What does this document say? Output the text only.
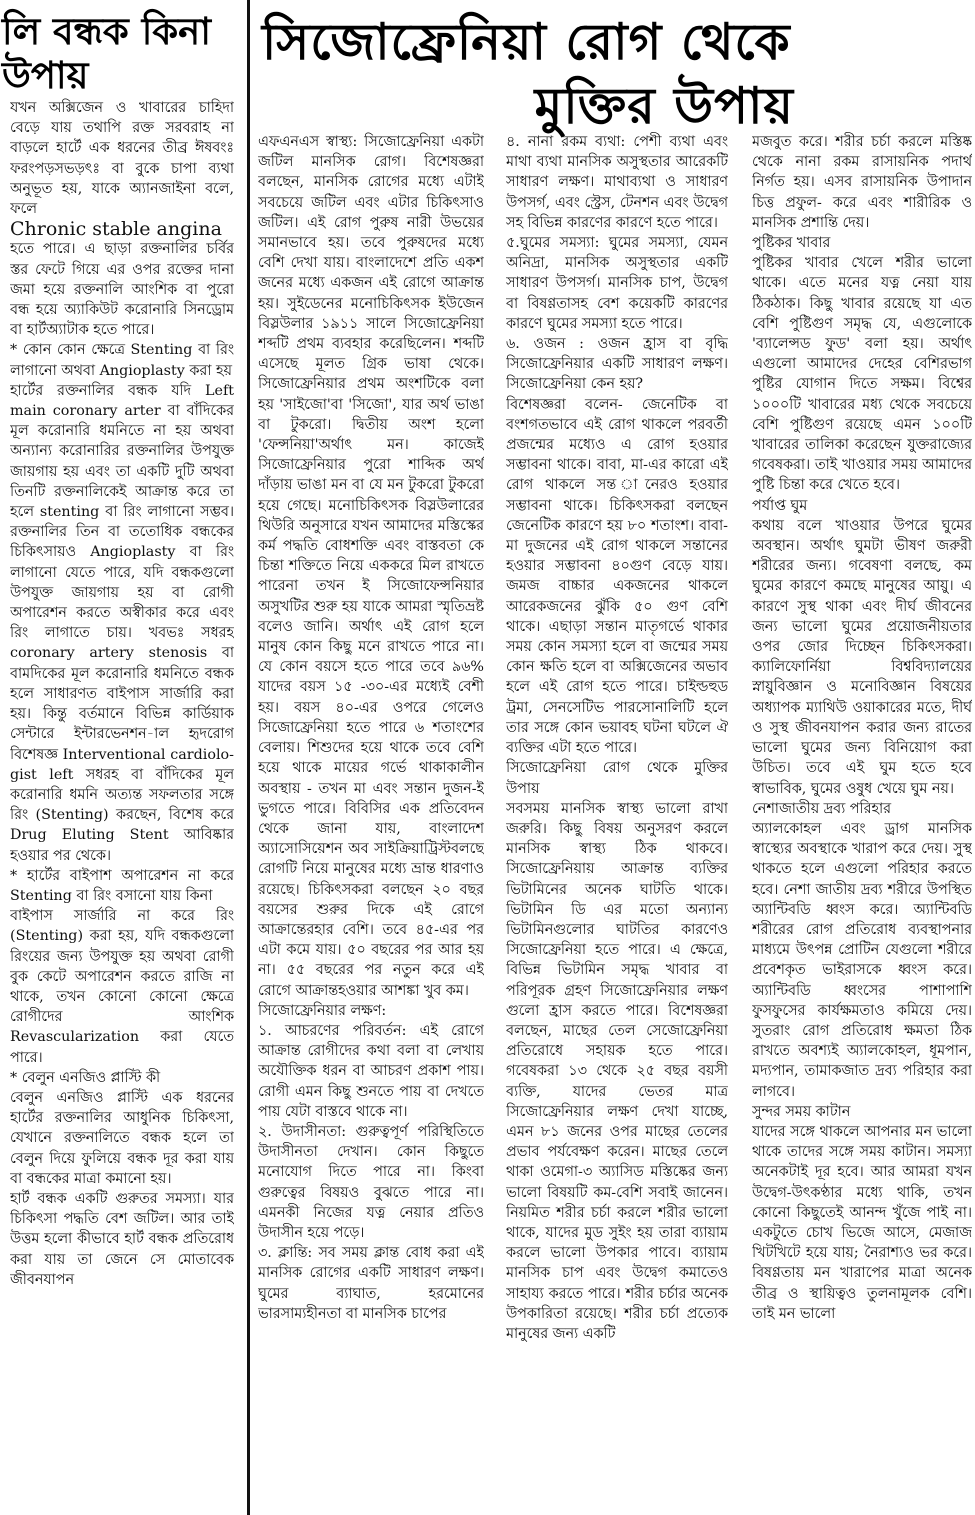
লি বন্ধক কিনা উপায়
সিজোফ্রেনিয়া রোগ থেকে
মুক্তির উপায়

যখন অক্সিজেন ও খাবারের চাহিদা বেড়ে যায় তথাপি রক্ত সরবরাহ না বাড়লে হার্টে এক ধরনের তীব্র ঈষবংঃ ফরংপড়সভড়ৎঃ বা বুকে চাপা ব্যথা অনুভূত হয়, যাকে অ্যানজাইনা বলে, ফলে

Chronic stable angina

হতে পারে। এ ছাড়া রক্তনালির চর্বির স্তর ফেটে গিয়ে এর ওপর রক্তের দানা জমা হয়ে রক্তনালি আংশিক বা পুরো বন্ধ হয়ে অ্যাকিউট করোনারি সিনড্রোম বা হার্টঅ্যাটাক হতে পারে।

* কোন কোন ক্ষেত্রে Stenting বা রিং লাগানো অথবা Angioplasty করা হয়

হার্টের রক্তনালির বন্ধক যদি Left main coronary arter বা বাঁদিকের মূল করোনারি ধমনিতে না হয় অথবা অন্যান্য করোনারির রক্তনালির উপযুক্ত জায়গায় হয় এবং তা একটি দুটি অথবা তিনটি রক্তনালিকেই আক্রান্ত করে তা হলে stenting বা রিং লাগানো সম্ভব। রক্তনালির তিন বা ততোধিক বন্ধকের চিকিৎসায়ও Angioplasty বা রিং লাগানো যেতে পারে, যদি বন্ধকগুলো উপযুক্ত জায়গায় হয় বা রোগী অপারেশন করতে অস্বীকার করে এবং রিং লাগাতে চায়। খবভঃ সধরহ coronary artery stenosis বা বামদিকের মূল করোনারি ধমনিতে বন্ধক হলে সাধারণত বাইপাস সার্জারি করা হয়। কিন্তু বর্তমানে বিভিন্ন কার্ডিয়াক সেন্টারে ইন্টারভেনশন-াল হৃদরোগ বিশেষজ্ঞ Interventional cardiolo-gist left সধরহ বা বাঁদিকের মূল করোনারি ধমনি অত্যন্ত সফলতার সঙ্গে রিং (Stenting) করছেন, বিশেষ করে Drug Eluting Stent আবিষ্কার হওয়ার পর থেকে।

* হার্টের বাইপাশ অপারেশন না করে Stenting বা রিং বসানো যায় কিনা

বাইপাস সার্জারি না করে রিং (Stenting) করা হয়, যদি বন্ধকগুলো রিংয়ের জন্য উপযুক্ত হয় অথবা রোগী বুক কেটে অপারেশন করতে রাজি না থাকে, তখন কোনো কোনো ক্ষেত্রে রোগীদের আংশিক Revascularization করা যেতে পারে।

* বেলুন এনজিও প্লাস্টি কী

বেলুন এনজিও প্লাস্টি এক ধরনের হার্টের রক্তনালির আধুনিক চিকিৎসা, যেখানে রক্তনালিতে বন্ধক হলে তা বেলুন দিয়ে ফুলিয়ে বন্ধক দূর করা যায় বা বন্ধকের মাত্রা কমানো হয়।

হার্ট বন্ধক একটি গুরুতর সমস্যা। যার চিকিৎসা পদ্ধতি বেশ জটিল। আর তাই উত্তম হলো কীভাবে হার্ট বন্ধক প্রতিরোধ করা যায় তা জেনে সে মোতাবেক জীবনযাপন

এফএনএস স্বাস্থ্য: সিজোফ্রেনিয়া একটা জটিল মানসিক রোগ। বিশেষজ্ঞরা বলছেন, মানসিক রোগের মধ্যে এটাই সবচেয়ে জটিল এবং এটার চিকিৎসাও জটিল। এই রোগ পুরুষ নারী উভয়ের সমানভাবে হয়। তবে পুরুষদের মধ্যে বেশি দেখা যায়। বাংলাদেশে প্রতি একশ জনের মধ্যে একজন এই রোগে আক্রান্ত হয়। সুইডেনের মনোচিকিৎসক ইউজেন বিস্লউলার ১৯১১ সালে সিজোফ্রেনিয়া শব্দটি প্রথম ব্যবহার করেছিলেন। শব্দটি এসেছে মূলত গ্রিক ভাষা থেকে। সিজোফ্রেনিয়ার প্রথম অংশটিকে বলা হয় 'সাইজো'বা 'সিজো', যার অর্থ ভাঙা বা টুকরো। দ্বিতীয় অংশ হলো 'ফেন্সনিয়া'অর্থাৎ মন। কাজেই সিজোফ্রেনিয়ার পুরো শাব্দিক অর্থ দাঁড়ায় ভাঙা মন বা যে মন টুকরো টুকরো হয়ে গেছে। মনোচিকিৎসক বিস্লউলারের থিউরি অনুসারে যখন আমাদের মস্তিস্কের কর্ম পদ্ধতি বোধশক্তি এবং বাস্তবতা কে চিন্তা শক্তিতে নিয়ে এককরে মিল রাখতে পারেনা তখন ই সিজোফেন্সনিয়ার অসুখটির শুরু হয় যাকে আমরা স্মৃতিভ্রষ্ট বলেও জানি। অর্থাৎ এই রোগ হলে মানুষ কোন কিছু মনে রাখতে পারে না। যে কোন বয়সে হতে পারে তবে ৯৬% যাদের বয়স ১৫ -৩০-এর মধ্যেই বেশী হয়। বয়স ৪০-এর ওপরে গেলেও সিজোফ্রেনিয়া হতে পারে ৬ শতাংশের বেলায়। শিশুদের হয়ে থাকে তবে বেশি হয়ে থাকে মায়ের গর্ভে থাকাকালীন অবস্থায় - তখন মা এবং সন্তান দুজন-ই ভুগতে পারে। বিবিসির এক প্রতিবেদন থেকে জানা যায়, বাংলাদেশ অ্যাসোসিয়েশন অব সাইক্রিয়াট্রিস্টবলছে রোগটি নিয়ে মানুষের মধ্যে ভ্রান্ত ধারণাও রয়েছে। চিকিৎসকরা বলছেন ২০ বছর বয়সের শুরুর দিকে এই রোগে আক্রান্তেরহার বেশি। তবে ৪৫-এর পর এটা কমে যায়। ৫০ বছরের পর আর হয় না। ৫৫ বছরের পর নতুন করে এই রোগে আক্রান্তহওয়ার আশঙ্কা খুব কম।

সিজোফ্রেনিয়ার লক্ষণ:

১. আচরণের পরিবর্তন: এই রোগে আক্রান্ত রোগীদের কথা বলা বা লেখায় অযৌক্তিক ধরন বা আচরণ প্রকাশ পায়। রোগী এমন কিছু শুনতে পায় বা দেখতে পায় যেটা বাস্তবে থাকে না।

২. উদাসীনতা: গুরুত্বপূর্ণ পরিস্থিতিতে উদাসীনতা দেখান। কোন কিছুতে মনোযোগ দিতে পারে না। কিংবা গুরুত্বের বিষয়ও বুঝতে পারে না। এমনকী নিজের যত্ন নেয়ার প্রতিও উদাসীন হয়ে পড়ে।

৩. ক্লান্তি: সব সময় ক্লান্ত বোধ করা এই মানসিক রোগের একটি সাধারণ লক্ষণ। ঘুমের ব্যাঘাত, হরমোনের ভারসাম্যহীনতা বা মানসিক চাপের

৪. নানা রকম ব্যথা: পেশী ব্যথা এবং মাথা ব্যথা মানসিক অসুস্থতার আরেকটি সাধারণ লক্ষণ। মাথাব্যথা ও সাধারণ উপসর্গ, এবং স্ট্রেস, টেনশন এবং উদ্বেগ সহ বিভিন্ন কারণের কারণে হতে পারে।

৫.ঘুমের সমস্যা: ঘুমের সমস্যা, যেমন অনিদ্রা, মানসিক অসুস্থতার একটি সাধারণ উপসর্গ। মানসিক চাপ, উদ্বেগ বা বিষণ্ণতাসহ বেশ কয়েকটি কারণের কারণে ঘুমের সমস্যা হতে পারে।

৬. ওজন : ওজন হ্রাস বা বৃদ্ধি সিজোফ্রেনিয়ার একটি সাধারণ লক্ষণ। সিজোফ্রেনিয়া কেন হয়?

বিশেষজ্ঞরা বলেন- জেনেটিক বা বংশগতভাবে এই রোগ থাকলে পরবর্তী প্রজন্মের মধ্যেও এ রোগ হওয়ার সম্ভাবনা থাকে। বাবা, মা-এর কারো এই রোগ থাকলে সন্ত ানেরও হওয়ার সম্ভাবনা থাকে। চিকিৎসকরা বলছেন জেনেটিক কারণে হয় ৮০ শতাংশ। বাবা- মা দুজনের এই রোগ থাকলে সন্তানের হওয়ার সম্ভাবনা ৪০গুণ বেড়ে যায়। জমজ বাচ্চার একজনের থাকলে আরেকজনের ঝুঁকি ৫০ গুণ বেশি থাকে। এছাড়া সন্তান মাতৃগর্ভে থাকার সময় কোন সমস্যা হলে বা জন্মের সময় কোন ক্ষতি হলে বা অক্সিজেনের অভাব হলে এই রোগ হতে পারে। চাইল্ডহুড ট্রমা, সেনসেটিভ পারসোনালিটি হলে তার সঙ্গে কোন ভয়াবহ ঘটনা ঘটলে ঐ ব্যক্তির এটা হতে পারে।

সিজোফ্রেনিয়া রোগ থেকে মুক্তির উপায়

সবসময় মানসিক স্বাস্থ্য ভালো রাখা জরুরি। কিছু বিষয় অনুসরণ করলে মানসিক স্বাস্থ্য ঠিক থাকবে। সিজোফ্রেনিয়ায় আক্রান্ত ব্যক্তির ভিটামিনের অনেক ঘাটতি থাকে। ভিটামিন ডি এর মতো অন্যান্য ভিটামিনগুলোর ঘাটতির কারণেও সিজোফ্রেনিয়া হতে পারে। এ ক্ষেত্রে, বিভিন্ন ভিটামিন সমৃদ্ধ খাবার বা পরিপূরক গ্রহণ সিজোফ্রেনিয়ার লক্ষণ গুলো হ্রাস করতে পারে। বিশেষজ্ঞরা বলছেন, মাছের তেল সেজোফ্রেনিয়া প্রতিরোধে সহায়ক হতে পারে। গবেষকরা ১৩ থেকে ২৫ বছর বয়সী ব্যক্তি, যাদের ভেতর মাত্র সিজোফ্রেনিয়ার লক্ষণ দেখা যাচ্ছে, এমন ৮১ জনের ওপর মাছের তেলের প্রভাব পর্যবেক্ষণ করেন। মাছের তেলে থাকা ওমেগা-৩ অ্যাসিড মস্তিষ্কের জন্য ভালো বিষয়টি কম-বেশি সবাই জানেন। নিয়মিত শরীর চর্চা করলে শরীর ভালো থাকে, যাদের মুড সুইং হয় তারা ব্যায়াম করলে ভালো উপকার পাবে। ব্যায়াম মানসিক চাপ এবং উদ্বেগ কমাতেও সাহায্য করতে পারে। শরীর চর্চার অনেক উপকারিতা রয়েছে। শরীর চর্চা প্রত্যেক মানুষের জন্য একটি

মজবুত করে। শরীর চর্চা করলে মস্তিষ্ক থেকে নানা রকম রাসায়নিক পদার্থ নির্গত হয়। এসব রাসায়নিক উপাদান চিত্ত প্রফুল- করে এবং শারীরিক ও মানসিক প্রশান্তি দেয়।

পুষ্টিকর খাবার

পুষ্টিকর খাবার খেলে শরীর ভালো থাকে। এতে মনের যত্ন নেয়া যায় ঠিকঠাক। কিছু খাবার রয়েছে যা এত বেশি পুষ্টিগুণ সমৃদ্ধ যে, এগুলোকে 'ব্যালেন্সড ফুড' বলা হয়। অর্থাৎ এগুলো আমাদের দেহের বেশিরভাগ পুষ্টির যোগান দিতে সক্ষম। বিশ্বের ১০০০টি খাবারের মধ্য থেকে সবচেয়ে বেশি পুষ্টিগুণ রয়েছে এমন ১০০টি খাবারের তালিকা করেছেন যুক্তরাজ্যের গবেষকরা। তাই খাওয়ার সময় আমাদের পুষ্টি চিন্তা করে খেতে হবে।

পর্যাপ্ত ঘুম

কথায় বলে খাওয়ার উপরে ঘুমের অবস্থান। অর্থাৎ ঘুমটা ভীষণ জরুরী শরীরের জন্য। গবেষণা বলছে, কম ঘুমের কারণে কমছে মানুষের আয়ু। এ কারণে সুস্থ থাকা এবং দীর্ঘ জীবনের জন্য ভালো ঘুমের প্রয়োজনীয়তার ওপর জোর দিচ্ছেন চিকিৎসকরা। ক্যালিফোর্নিয়া বিশ্ববিদ্যালয়ের স্নায়ুবিজ্ঞান ও মনোবিজ্ঞান বিষয়ের অধ্যাপক ম্যাথিউ ওয়াকারের মতে, দীর্ঘ ও সুস্থ জীবনযাপন করার জন্য রাতের ভালো ঘুমের জন্য বিনিয়োগ করা উচিত। তবে এই ঘুম হতে হবে স্বাভাবিক, ঘুমের ওষুধ খেয়ে ঘুম নয়।

নেশাজাতীয় দ্রব্য পরিহার

অ্যালকোহল এবং ড্রাগ মানসিক স্বাস্থ্যের অবস্থাকে খারাপ করে দেয়। সুস্থ থাকতে হলে এগুলো পরিহার করতে হবে। নেশা জাতীয় দ্রব্য শরীরে উপস্থিত অ্যান্টিবডি ধ্বংস করে। অ্যান্টিবডি শরীরের রোগ প্রতিরোধ ব্যবস্থাপনার মাধ্যমে উৎপন্ন প্রোটিন যেগুলো শরীরে প্রবেশকৃত ভাইরাসকে ধ্বংস করে। অ্যান্টিবডি ধ্বংসের পাশাপাশি ফুসফুসের কার্যক্ষমতাও কমিয়ে দেয়। সুতরাং রোগ প্রতিরোধ ক্ষমতা ঠিক রাখতে অবশ্যই অ্যালকোহল, ধূমপান, মদ্যপান, তামাকজাত দ্রব্য পরিহার করা লাগবে।

সুন্দর সময় কাটান

যাদের সঙ্গে থাকলে আপনার মন ভালো থাকে তাদের সঙ্গে সময় কাটান। সমস্যা অনেকটাই দূর হবে। আর আমরা যখন উদ্বেগ-উৎকণ্ঠার মধ্যে থাকি, তখন কোনো কিছুতেই আনন্দ খুঁজে পাই না। একটুতে চোখ ভিজে আসে, মেজাজ খিটখিটে হয়ে যায়; নৈরাশ্যও ভর করে। বিষণ্ণতায় মন খারাপের মাত্রা অনেক তীব্র ও স্থায়িত্বও তুলনামূলক বেশি। তাই মন ভালো
